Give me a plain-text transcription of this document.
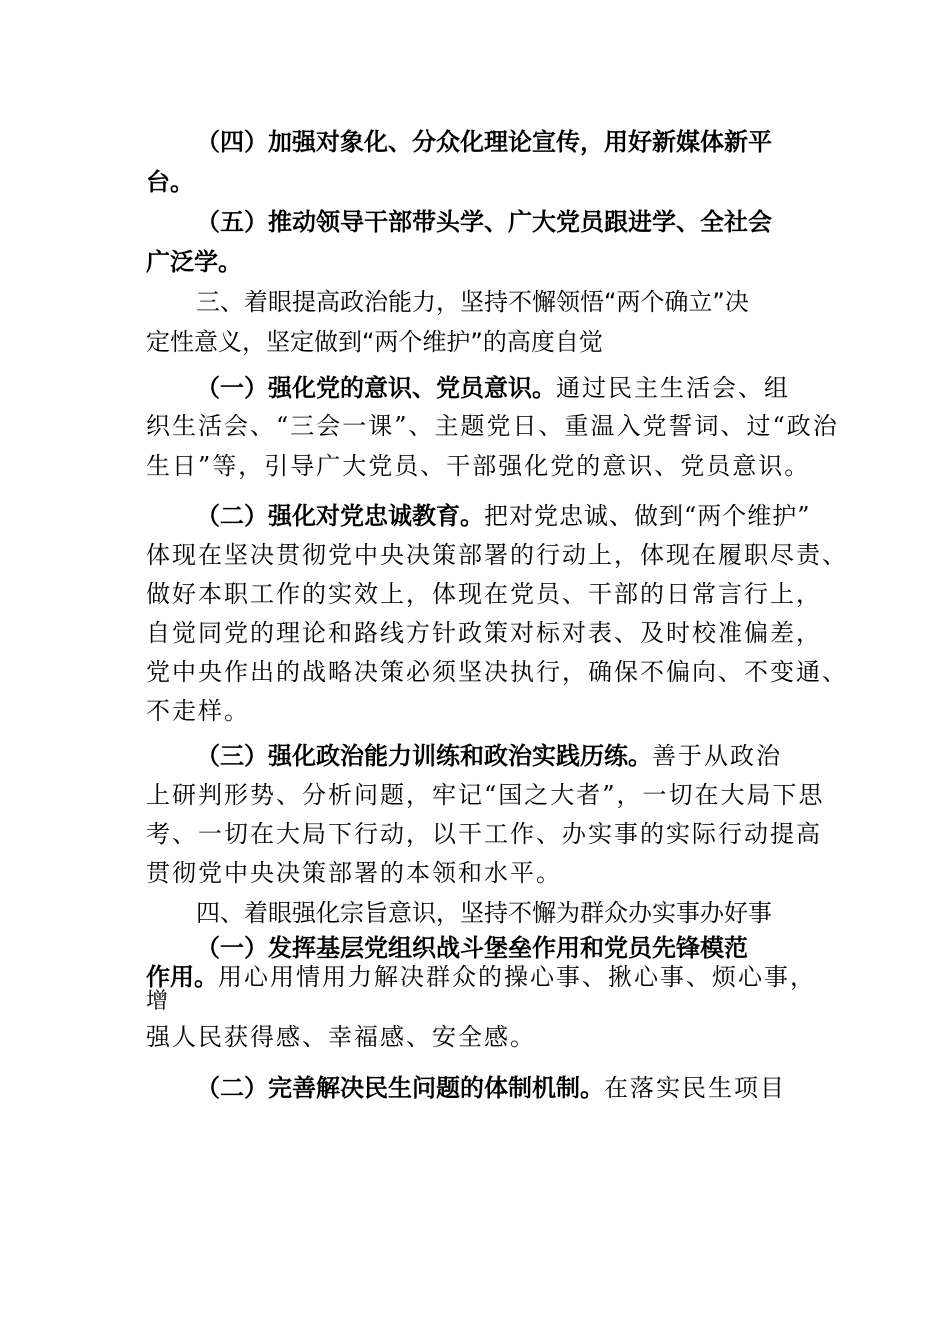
（四）加强对象化、分众化理论宣传，用好新媒体新平

台。

（五）推动领导干部带头学、广大党员跟进学、全社会

广泛学。

三、着眼提高政治能力，坚持不懈领悟“两个确立”决

定性意义，坚定做到“两个维护”的高度自觉

（一）强化党的意识、党员意识。通过民主生活会、组

织生活会、“三会一课”、主题党日、重温入党誓词、过“政治

生日”等，引导广大党员、干部强化党的意识、党员意识。

（二）强化对党忠诚教育。把对党忠诚、做到“两个维护”

体现在坚决贯彻党中央决策部署的行动上，体现在履职尽责、

做好本职工作的实效上，体现在党员、干部的日常言行上，

自觉同党的理论和路线方针政策对标对表、及时校准偏差，

党中央作出的战略决策必须坚决执行，确保不偏向、不变通、

不走样。

（三）强化政治能力训练和政治实践历练。善于从政治

上研判形势、分析问题，牢记“国之大者”，一切在大局下思

考、一切在大局下行动，以干工作、办实事的实际行动提高

贯彻党中央决策部署的本领和水平。

四、着眼强化宗旨意识，坚持不懈为群众办实事办好事

（一）发挥基层党组织战斗堡垒作用和党员先锋模范

作用。用心用情用力解决群众的操心事、揪心事、烦心事，

增

强人民获得感、幸福感、安全感。

（二）完善解决民生问题的体制机制。在落实民生项目
